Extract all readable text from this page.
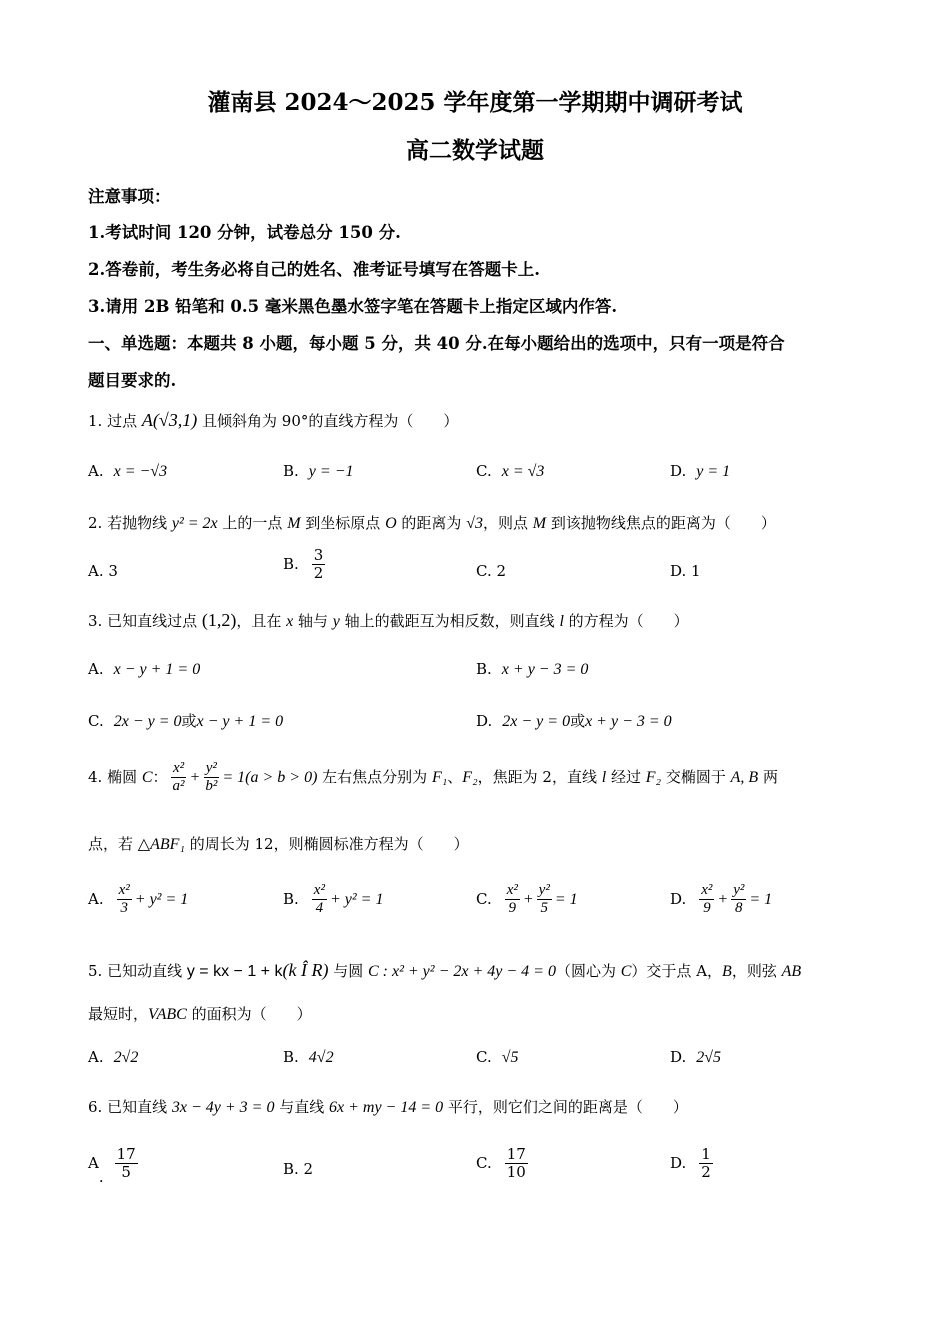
灌南县 2024～2025 学年度第一学期期中调研考试
高二数学试题
注意事项：
1.考试时间 120 分钟，试卷总分 150 分.
2.答卷前，考生务必将自己的姓名、准考证号填写在答题卡上.
3.请用 2B 铅笔和 0.5 毫米黑色墨水签字笔在答题卡上指定区域内作答.
一、单选题：本题共 8 小题，每小题 5 分，共 40 分.在每小题给出的选项中，只有一项是符合
题目要求的.
1. 过点 A(√3,1) 且倾斜角为 90°的直线方程为（　　）
A. x = −√3	B. y = −1	C. x = √3	D. y = 1
2. 若抛物线 y² = 2x 上的一点 M 到坐标原点 O 的距离为 √3，则点 M 到该抛物线焦点的距离为（　　）
A. 3	B. $\frac{3}{2}$	C. 2	D. 1
3. 已知直线过点 (1,2)，且在 x 轴与 y 轴上的截距互为相反数，则直线 l 的方程为（　　）
A. x − y + 1 = 0	B. x + y − 3 = 0
C. 2x − y = 0或x − y + 1 = 0	D. 2x − y = 0或x + y − 3 = 0
4. 椭圆 C： $\frac{\text{x²}}{\text{a²}} + \frac{\text{y²}}{\text{b²}} = 1(a > b > 0)$ 左右焦点分别为 F₁、F₂，焦距为 2，直线 l 经过 F₂ 交椭圆于 A, B 两
点，若 △ABF₁ 的周长为 12，则椭圆标准方程为（　　）
A. $\frac{\text{x²}}{3} + y^2 = 1$	B. $\frac{\text{x²}}{4} + y^2 = 1$	C. $\frac{\text{x²}}{9} + \frac{\text{y²}}{5} = 1$	D. $\frac{\text{x²}}{9} + \frac{\text{y²}}{8} = 1$
5. 已知动直线 y = kx − 1 + k(k Î R) 与圆 C : x² + y² − 2x + 4y − 4 = 0（圆心为 C）交于点 A，B，则弦 AB
最短时，VABC 的面积为（　　）
A. 2√2	B. 4√2	C. √5	D. 2√5
6. 已知直线 3x − 4y + 3 = 0 与直线 6x + my − 14 = 0 平行，则它们之间的距离是（　　）
A. $\frac{17}{5}$	B. 2	C. $\frac{17}{10}$	D. $\frac{1}{2}$
